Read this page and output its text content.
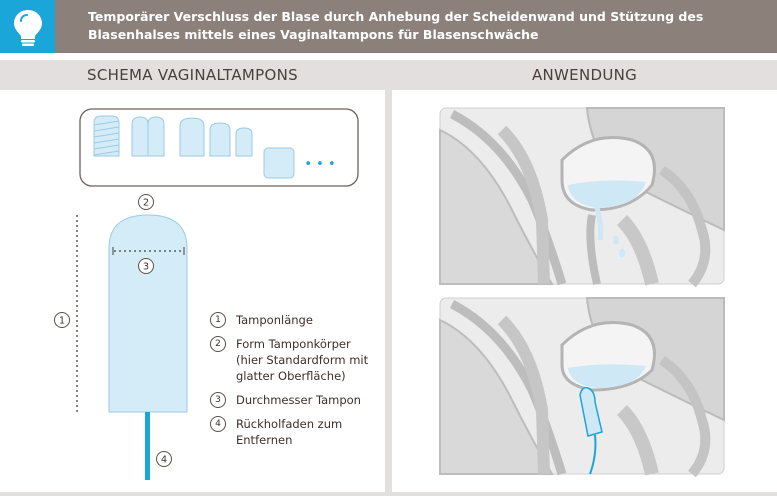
Temporärer Verschluss der Blase durch Anhebung der Scheidenwand und Stützung des Blasenhalses mittels eines Vaginaltampons für Blasenschwäche
SCHEMA VAGINALTAMPONS
• • •
2
3
1
4
1	Tamponlänge
2	Form Tamponkörper (hier Standardform mit glatter Oberfläche)
3	Durchmesser Tampon
4	Rückholfaden zum Entfernen
ANWENDUNG
